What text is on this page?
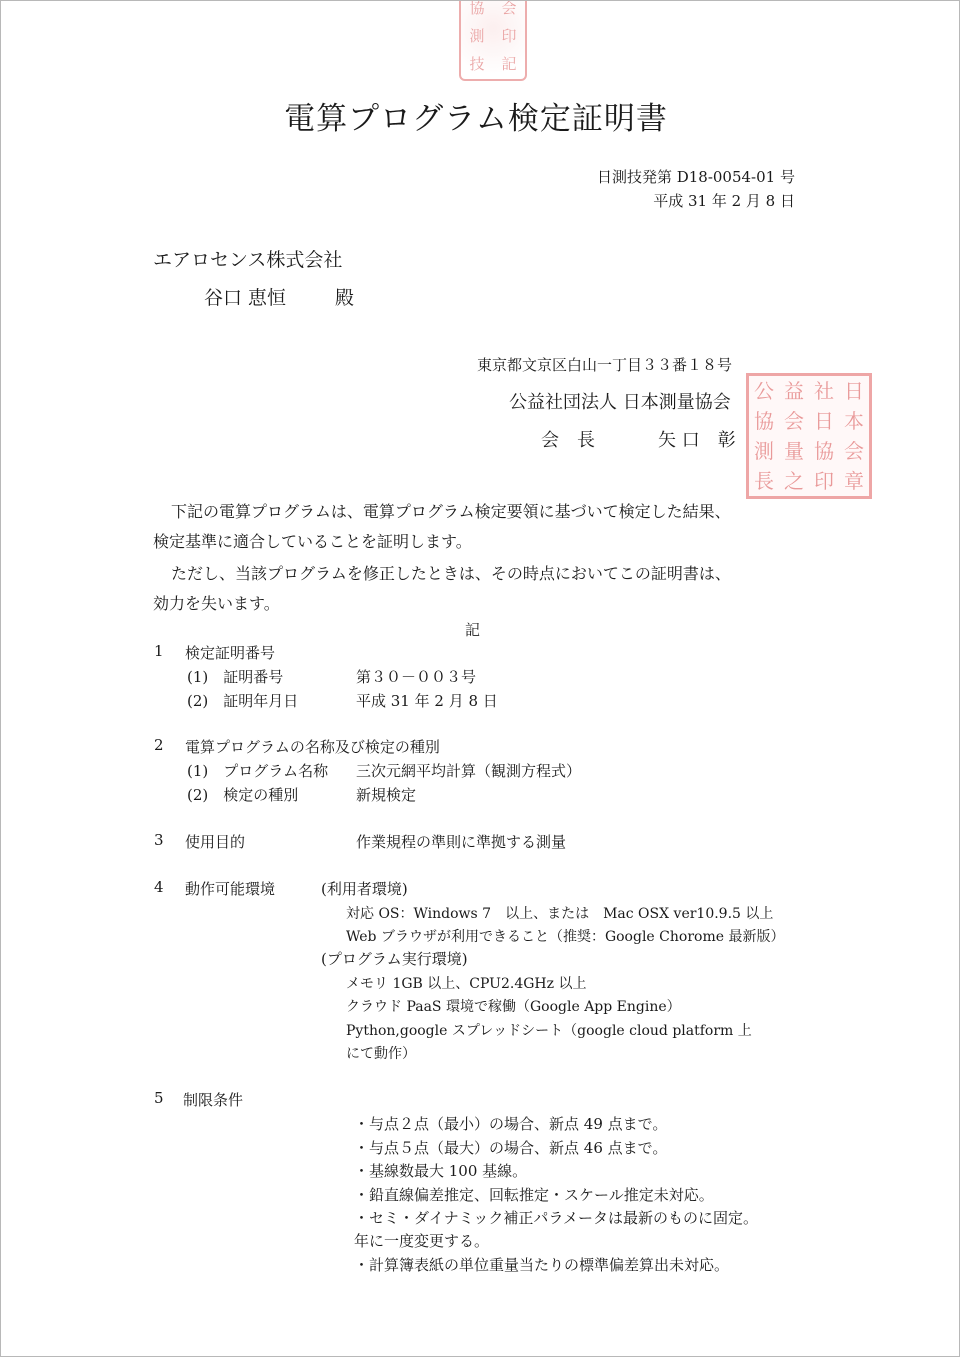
協	会
測	印
技	記
電算プログラム検定証明書
日測技発第 D18-0054-01 号
平成 31 年 2 月 8 日
エアロセンス株式会社
谷口 恵恒	殿
東京都文京区白山一丁目３３番１８号
公益社団法人 日本測量協会
会　長	矢 口　彰
公 益 社 日
協 会 日 本
測 量 協 会
長 之 印 章
下記の電算プログラムは、電算プログラム検定要領に基づいて検定した結果、
検定基準に適合していることを証明します。
ただし、当該プログラムを修正したときは、その時点においてこの証明書は、
効力を失います。
記
1 検定証明番号
(1)　証明番号	第３０－００３号
(2)　証明年月日	平成 31 年 2 月 8 日
2 電算プログラムの名称及び検定の種別
(1)　プログラム名称 三次元網平均計算（観測方程式）
(2)　検定の種別	新規検定
3 使用目的	作業規程の準則に準拠する測量
4 動作可能環境	(利用者環境)
対応 OS：Windows 7　以上、または　Mac OSX ver10.9.5 以上
Web ブラウザが利用できること（推奨：Google Chorome 最新版）
(プログラム実行環境)
メモリ 1GB 以上、CPU2.4GHz 以上
クラウド PaaS 環境で稼働（Google App Engine）
Python,google スプレッドシート（google cloud platform 上
にて動作）
5 制限条件
・与点２点（最小）の場合、新点 49 点まで。
・与点５点（最大）の場合、新点 46 点まで。
・基線数最大 100 基線。
・鉛直線偏差推定、回転推定・スケール推定未対応。
・セミ・ダイナミック補正パラメータは最新のものに固定。
年に一度変更する。
・計算簿表紙の単位重量当たりの標準偏差算出未対応。
